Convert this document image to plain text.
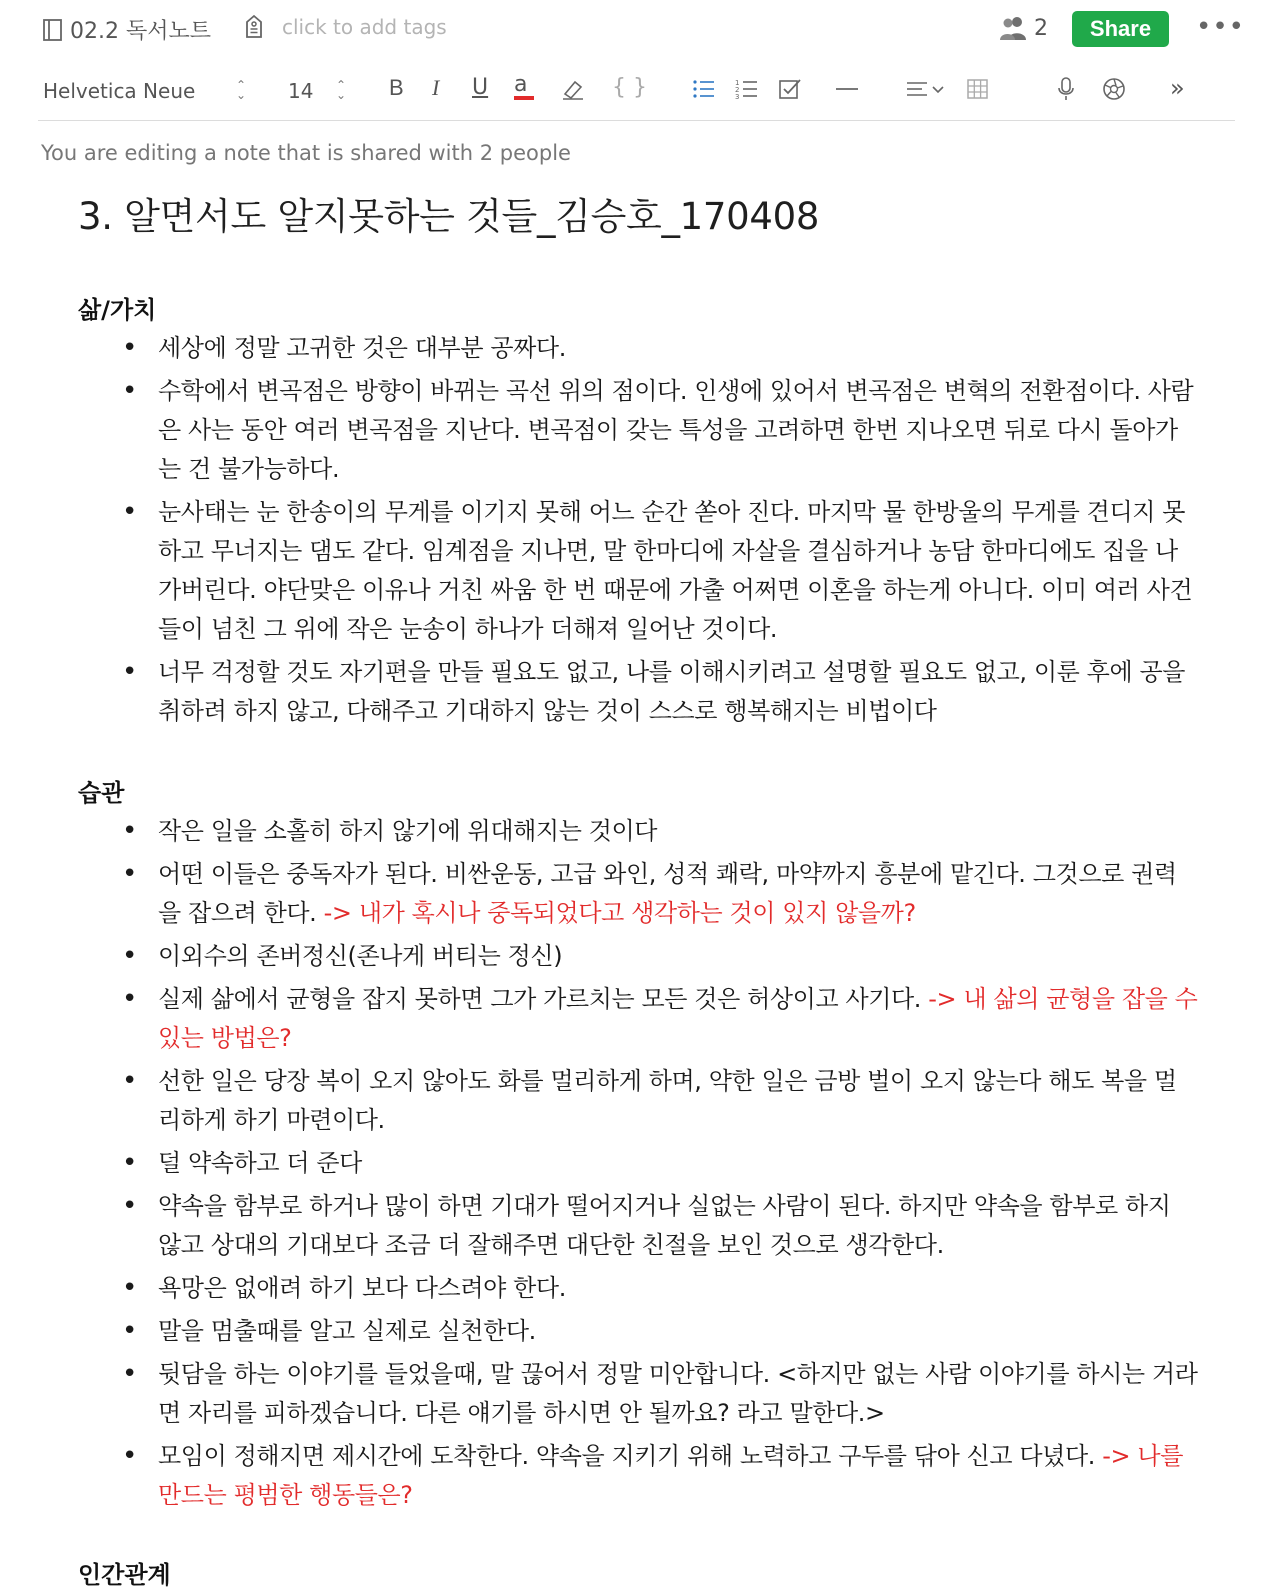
02.2 독서노트	click to add tags	2	Share	•••
Helvetica Neue	⌃
⌄ 14 ⌃
⌄ B I U a	{ }	1
2
3	»
You are editing a note that is shared with 2 people
3. 알면서도 알지못하는 것들_김승호_170408
삶/가치
• 세상에 정말 고귀한 것은 대부분 공짜다.
• 수학에서 변곡점은 방향이 바뀌는 곡선 위의 점이다. 인생에 있어서 변곡점은 변혁의 전환점이다. 사람은 사는 동안 여러 변곡점을 지난다. 변곡점이 갖는 특성을 고려하면 한번 지나오면 뒤로 다시 돌아가는 건 불가능하다.
• 눈사태는 눈 한송이의 무게를 이기지 못해 어느 순간 쏟아 진다. 마지막 물 한방울의 무게를 견디지 못하고 무너지는 댐도 같다. 임계점을 지나면, 말 한마디에 자살을 결심하거나 농담 한마디에도 집을 나가버린다. 야단맞은 이유나 거친 싸움 한 번 때문에 가출 어쩌면 이혼을 하는게 아니다. 이미 여러 사건들이 넘친 그 위에 작은 눈송이 하나가 더해져 일어난 것이다.
• 너무 걱정할 것도 자기편을 만들 필요도 없고, 나를 이해시키려고 설명할 필요도 없고, 이룬 후에 공을 취하려 하지 않고, 다해주고 기대하지 않는 것이 스스로 행복해지는 비법이다
습관
• 작은 일을 소홀히 하지 않기에 위대해지는 것이다
• 어떤 이들은 중독자가 된다. 비싼운동, 고급 와인, 성적 쾌락, 마약까지 흥분에 맡긴다. 그것으로 권력을 잡으려 한다. -> 내가 혹시나 중독되었다고 생각하는 것이 있지 않을까?
• 이외수의 존버정신(존나게 버티는 정신)
• 실제 삶에서 균형을 잡지 못하면 그가 가르치는 모든 것은 허상이고 사기다. -> 내 삶의 균형을 잡을 수 있는 방법은?
• 선한 일은 당장 복이 오지 않아도 화를 멀리하게 하며, 약한 일은 금방 벌이 오지 않는다 해도 복을 멀리하게 하기 마련이다.
• 덜 약속하고 더 준다
• 약속을 함부로 하거나 많이 하면 기대가 떨어지거나 실없는 사람이 된다. 하지만 약속을 함부로 하지 않고 상대의 기대보다 조금 더 잘해주면 대단한 친절을 보인 것으로 생각한다.
• 욕망은 없애려 하기 보다 다스려야 한다.
• 말을 멈출때를 알고 실제로 실천한다.
• 뒷담을 하는 이야기를 들었을때, 말 끊어서 정말 미안합니다. <하지만 없는 사람 이야기를 하시는 거라면 자리를 피하겠습니다. 다른 얘기를 하시면 안 될까요? 라고 말한다.>
• 모임이 정해지면 제시간에 도착한다. 약속을 지키기 위해 노력하고 구두를 닦아 신고 다녔다. -> 나를 만드는 평범한 행동들은?
인간관계
